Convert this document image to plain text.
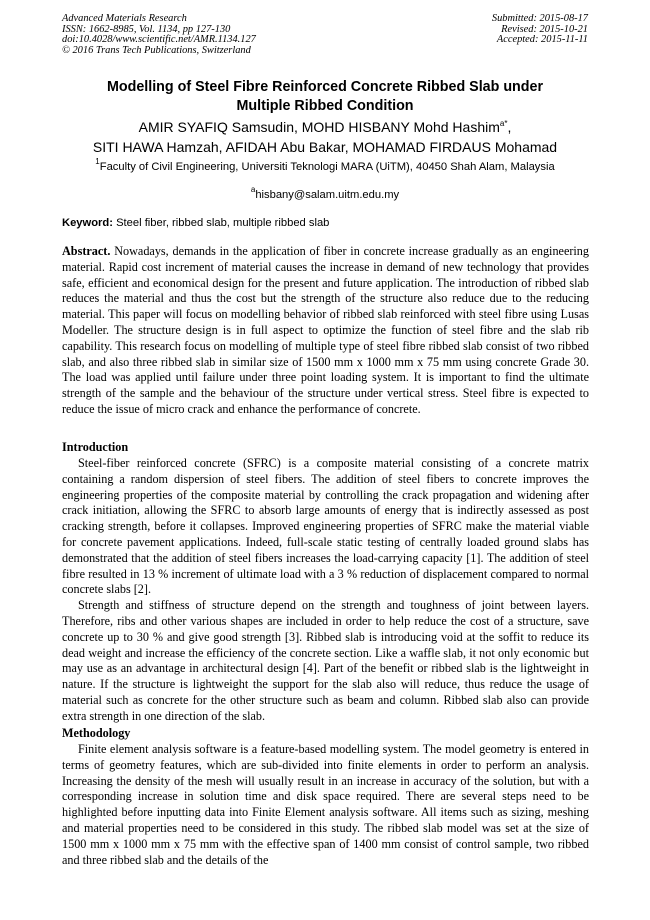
Advanced Materials Research
ISSN: 1662-8985, Vol. 1134, pp 127-130
doi:10.4028/www.scientific.net/AMR.1134.127
© 2016 Trans Tech Publications, Switzerland
Submitted: 2015-08-17
Revised: 2015-10-21
Accepted: 2015-11-11
Modelling of Steel Fibre Reinforced Concrete Ribbed Slab under
Multiple Ribbed Condition
AMIR SYAFIQ Samsudin, MOHD HISBANY Mohd Hashim$^{a*}$,
SITI HAWA Hamzah, AFIDAH Abu Bakar, MOHAMAD FIRDAUS Mohamad
$^1$Faculty of Civil Engineering, Universiti Teknologi MARA (UiTM), 40450 Shah Alam, Malaysia
$^a$hisbany@salam.uitm.edu.my
Keyword: Steel fiber, ribbed slab, multiple ribbed slab
Abstract. Nowadays, demands in the application of fiber in concrete increase gradually as an engineering material. Rapid cost increment of material causes the increase in demand of new technology that provides safe, efficient and economical design for the present and future application. The introduction of ribbed slab reduces the material and thus the cost but the strength of the structure also reduce due to the reducing material. This paper will focus on modelling behavior of ribbed slab reinforced with steel fibre using Lusas Modeller. The structure design is in full aspect to optimize the function of steel fibre and the slab rib capability. This research focus on modelling of multiple type of steel fibre ribbed slab consist of two ribbed slab, and also three ribbed slab in similar size of 1500 mm x 1000 mm x 75 mm using concrete Grade 30. The load was applied until failure under three point loading system. It is important to find the ultimate strength of the sample and the behaviour of the structure under vertical stress. Steel fibre is expected to reduce the issue of micro crack and enhance the performance of concrete.
Introduction

Steel-fiber reinforced concrete (SFRC) is a composite material consisting of a concrete matrix containing a random dispersion of steel fibers. The addition of steel fibers to concrete improves the engineering properties of the composite material by controlling the crack propagation and widening after crack initiation, allowing the SFRC to absorb large amounts of energy that is indirectly assessed as post cracking strength, before it collapses. Improved engineering properties of SFRC make the material viable for concrete pavement applications. Indeed, full-scale static testing of centrally loaded ground slabs has demonstrated that the addition of steel fibers increases the load-carrying capacity [1]. The addition of steel fibre resulted in 13 % increment of ultimate load with a 3 % reduction of displacement compared to normal concrete slabs [2].

Strength and stiffness of structure depend on the strength and toughness of joint between layers. Therefore, ribs and other various shapes are included in order to help reduce the cost of a structure, save concrete up to 30 % and give good strength [3]. Ribbed slab is introducing void at the soffit to reduce its dead weight and increase the efficiency of the concrete section. Like a waffle slab, it not only economic but may use as an advantage in architectural design [4]. Part of the benefit or ribbed slab is the lightweight in nature. If the structure is lightweight the support for the slab also will reduce, thus reduce the usage of material such as concrete for the other structure such as beam and column. Ribbed slab also can provide extra strength in one direction of the slab.

Methodology

Finite element analysis software is a feature-based modelling system. The model geometry is entered in terms of geometry features, which are sub-divided into finite elements in order to perform an analysis. Increasing the density of the mesh will usually result in an increase in accuracy of the solution, but with a corresponding increase in solution time and disk space required. There are several steps need to be highlighted before inputting data into Finite Element analysis software. All items such as sizing, meshing and material properties need to be considered in this study. The ribbed slab model was set at the size of 1500 mm x 1000 mm x 75 mm with the effective span of 1400 mm consist of control sample, two ribbed and three ribbed slab and the details of the
